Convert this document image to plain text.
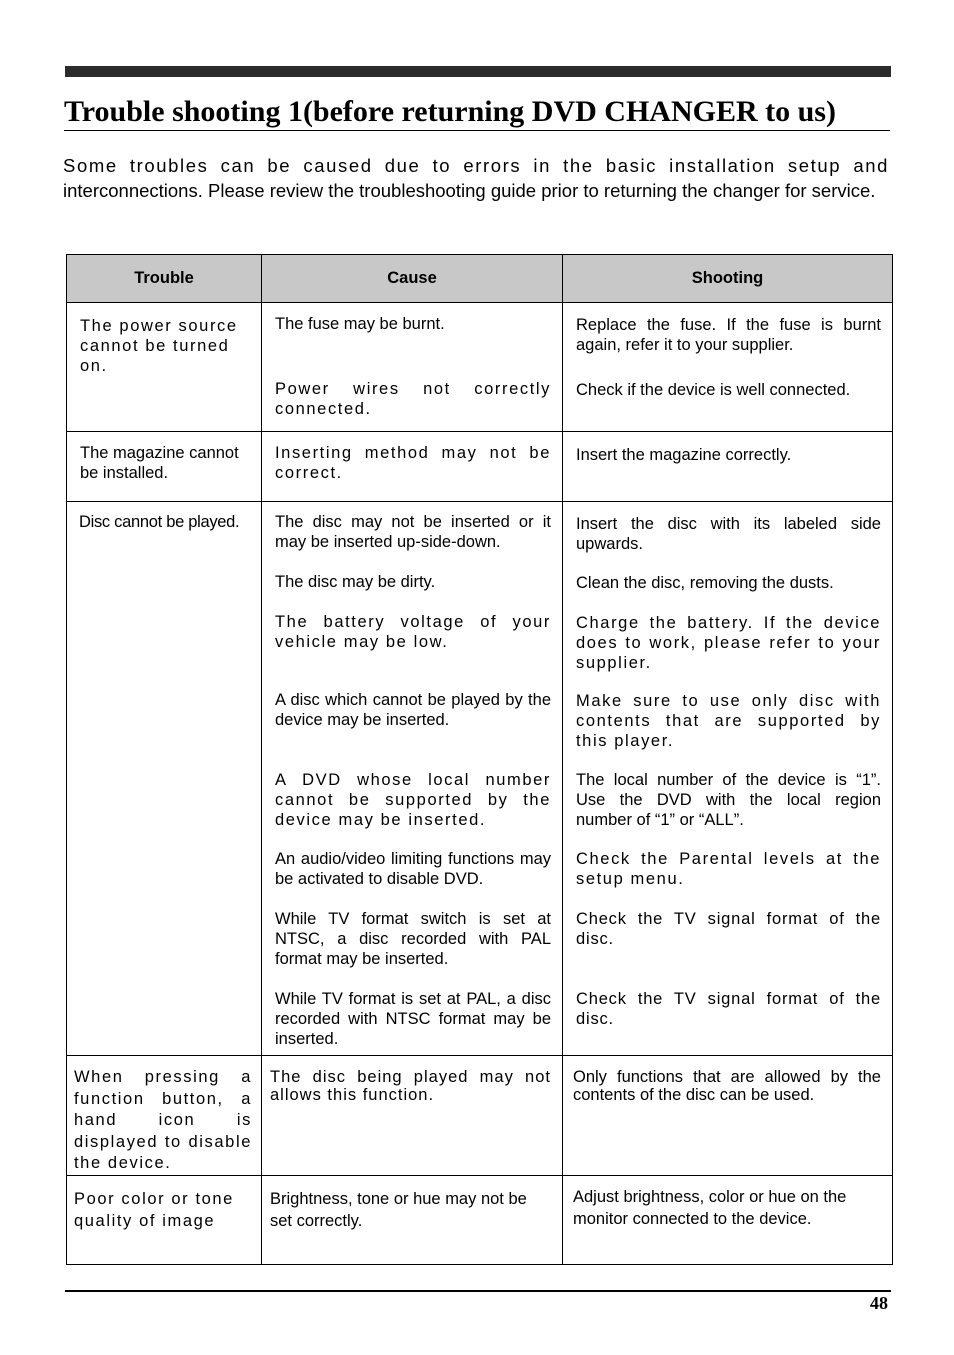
Trouble shooting 1(before returning DVD CHANGER to us)

Some troubles can be caused due to errors in the basic installation setup and interconnections. Please review the troubleshooting guide prior to returning the changer for service.

Trouble	Cause	Shooting

The power source cannot be turned on.	The fuse may be burnt.	Replace the fuse. If the fuse is burnt again, refer it to your supplier.

	Power wires not correctly connected.	Check if the device is well connected.

The magazine cannot be installed.	Inserting method may not be correct.	Insert the magazine correctly.

Disc cannot be played.	The disc may not be inserted or it may be inserted up-side-down.	Insert the disc with its labeled side upwards.

	The disc may be dirty.	Clean the disc, removing the dusts.

	The battery voltage of your vehicle may be low.	Charge the battery. If the device does to work, please refer to your supplier.

	A disc which cannot be played by the device may be inserted.	Make sure to use only disc with contents that are supported by this player.

	A DVD whose local number cannot be supported by the device may be inserted.	The local number of the device is “1”. Use the DVD with the local region number of “1” or “ALL”.

	An audio/video limiting functions may be activated to disable DVD.	Check the Parental levels at the setup menu.

	While TV format switch is set at NTSC, a disc recorded with PAL format may be inserted.	Check the TV signal format of the disc.

	While TV format is set at PAL, a disc recorded with NTSC format may be inserted.	Check the TV signal format of the disc.

When pressing a function button, a hand icon is displayed to disable the device.	The disc being played may not allows this function.	Only functions that are allowed by the contents of the disc can be used.

Poor color or tone quality of image	Brightness, tone or hue may not be set correctly.	Adjust brightness, color or hue on the monitor connected to the device.
48
